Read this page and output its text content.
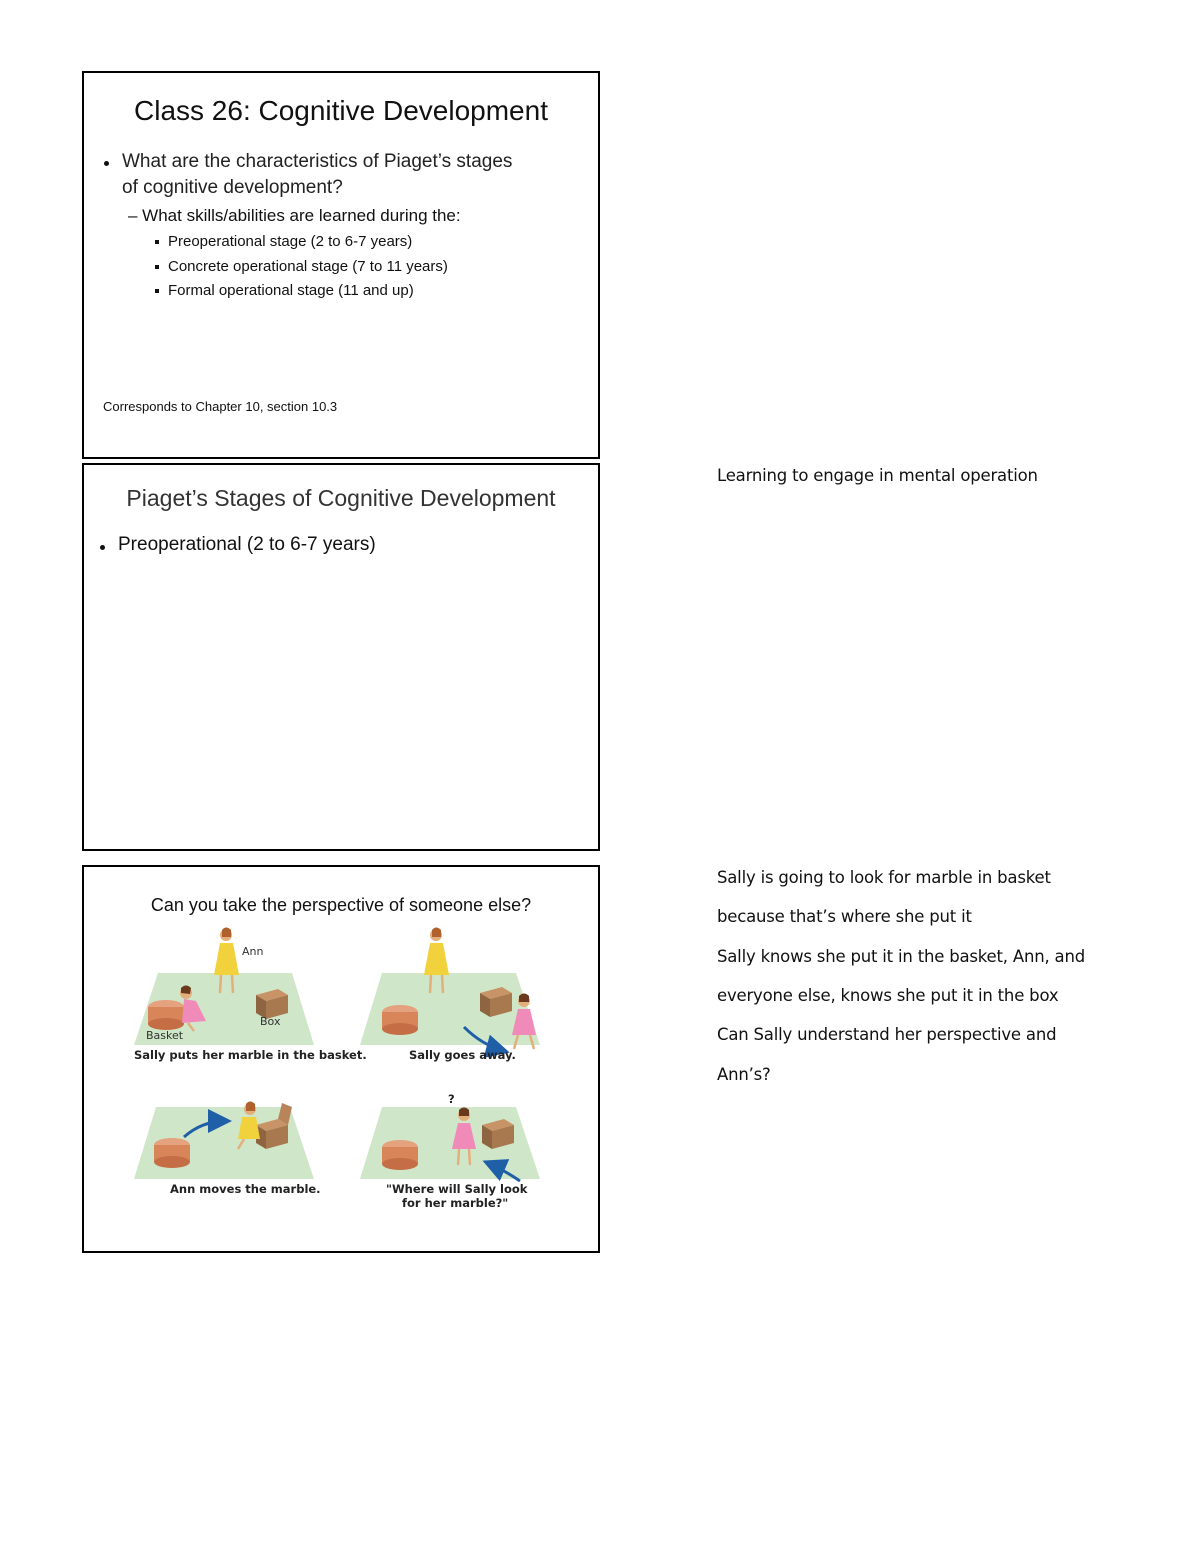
Class 26: Cognitive Development
What are the characteristics of Piaget’s stages
of cognitive development?
– What skills/abilities are learned during the:
Preoperational stage (2 to 6-7 years)
Concrete operational stage (7 to 11 years)
Formal operational stage (11 and up)
Corresponds to Chapter 10, section 10.3
Piaget’s Stages of Cognitive Development
Preoperational (2 to 6-7 years)
Can you take the perspective of someone else?
Ann
Box
Basket
Sally puts her marble in the basket.	Sally goes away.
Ann moves the marble.
?
"Where will Sally look
for her marble?"
Learning to engage in mental operation
Sally is going to look for marble in basket
because that’s where she put it
Sally knows she put it in the basket, Ann, and
everyone else, knows she put it in the box
Can Sally understand her perspective and
Ann’s?
